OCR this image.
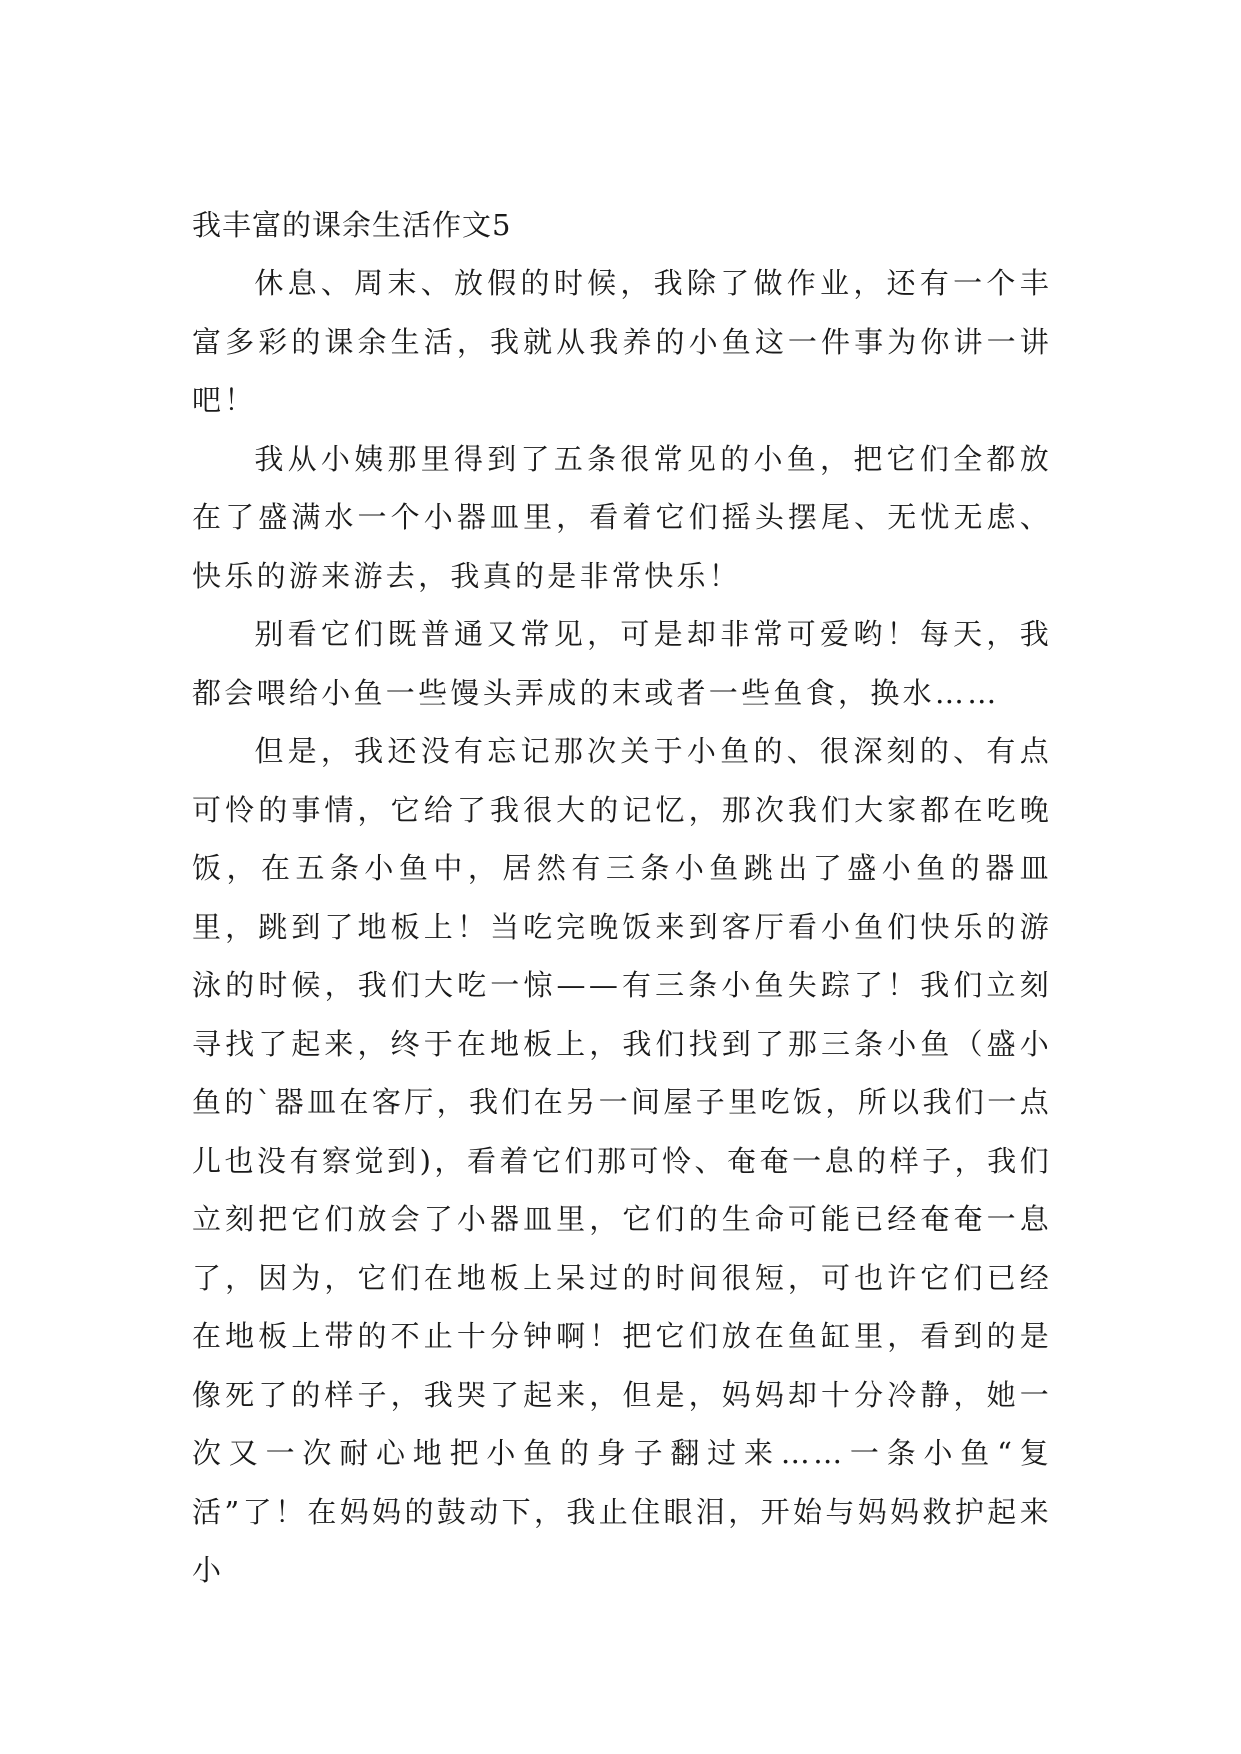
我丰富的课余生活作文5

休息、周末、放假的时候，我除了做作业，还有一个丰富多彩的课余生活，我就从我养的小鱼这一件事为你讲一讲吧！

我从小姨那里得到了五条很常见的小鱼，把它们全都放在了盛满水一个小器皿里，看着它们摇头摆尾、无忧无虑、快乐的游来游去，我真的是非常快乐！

别看它们既普通又常见，可是却非常可爱哟！每天，我都会喂给小鱼一些馒头弄成的末或者一些鱼食，换水……

但是，我还没有忘记那次关于小鱼的、很深刻的、有点可怜的事情，它给了我很大的记忆，那次我们大家都在吃晚饭，在五条小鱼中，居然有三条小鱼跳出了盛小鱼的器皿里，跳到了地板上！当吃完晚饭来到客厅看小鱼们快乐的游泳的时候，我们大吃一惊——有三条小鱼失踪了！我们立刻寻找了起来，终于在地板上，我们找到了那三条小鱼（盛小鱼的`器皿在客厅，我们在另一间屋子里吃饭，所以我们一点儿也没有察觉到)，看着它们那可怜、奄奄一息的样子，我们立刻把它们放会了小器皿里，它们的生命可能已经奄奄一息了，因为，它们在地板上呆过的时间很短，可也许它们已经在地板上带的不止十分钟啊！把它们放在鱼缸里，看到的是像死了的样子，我哭了起来，但是，妈妈却十分冷静，她一次又一次耐心地把小鱼的身子翻过来……一条小鱼“复活”了！在妈妈的鼓动下，我止住眼泪，开始与妈妈救护起来小
